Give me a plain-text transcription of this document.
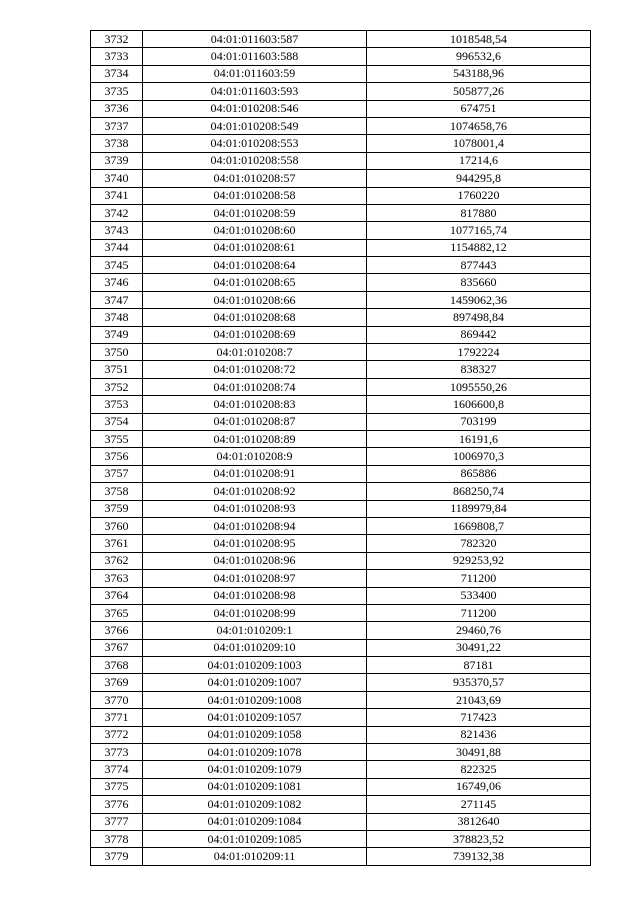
3732	04:01:011603:587	1018548,54
3733	04:01:011603:588	996532,6
3734	04:01:011603:59	543188,96
3735	04:01:011603:593	505877,26
3736	04:01:010208:546	674751
3737	04:01:010208:549	1074658,76
3738	04:01:010208:553	1078001,4
3739	04:01:010208:558	17214,6
3740	04:01:010208:57	944295,8
3741	04:01:010208:58	1760220
3742	04:01:010208:59	817880
3743	04:01:010208:60	1077165,74
3744	04:01:010208:61	1154882,12
3745	04:01:010208:64	877443
3746	04:01:010208:65	835660
3747	04:01:010208:66	1459062,36
3748	04:01:010208:68	897498,84
3749	04:01:010208:69	869442
3750	04:01:010208:7	1792224
3751	04:01:010208:72	838327
3752	04:01:010208:74	1095550,26
3753	04:01:010208:83	1606600,8
3754	04:01:010208:87	703199
3755	04:01:010208:89	16191,6
3756	04:01:010208:9	1006970,3
3757	04:01:010208:91	865886
3758	04:01:010208:92	868250,74
3759	04:01:010208:93	1189979,84
3760	04:01:010208:94	1669808,7
3761	04:01:010208:95	782320
3762	04:01:010208:96	929253,92
3763	04:01:010208:97	711200
3764	04:01:010208:98	533400
3765	04:01:010208:99	711200
3766	04:01:010209:1	29460,76
3767	04:01:010209:10	30491,22
3768	04:01:010209:1003	87181
3769	04:01:010209:1007	935370,57
3770	04:01:010209:1008	21043,69
3771	04:01:010209:1057	717423
3772	04:01:010209:1058	821436
3773	04:01:010209:1078	30491,88
3774	04:01:010209:1079	822325
3775	04:01:010209:1081	16749,06
3776	04:01:010209:1082	271145
3777	04:01:010209:1084	3812640
3778	04:01:010209:1085	378823,52
3779	04:01:010209:11	739132,38
